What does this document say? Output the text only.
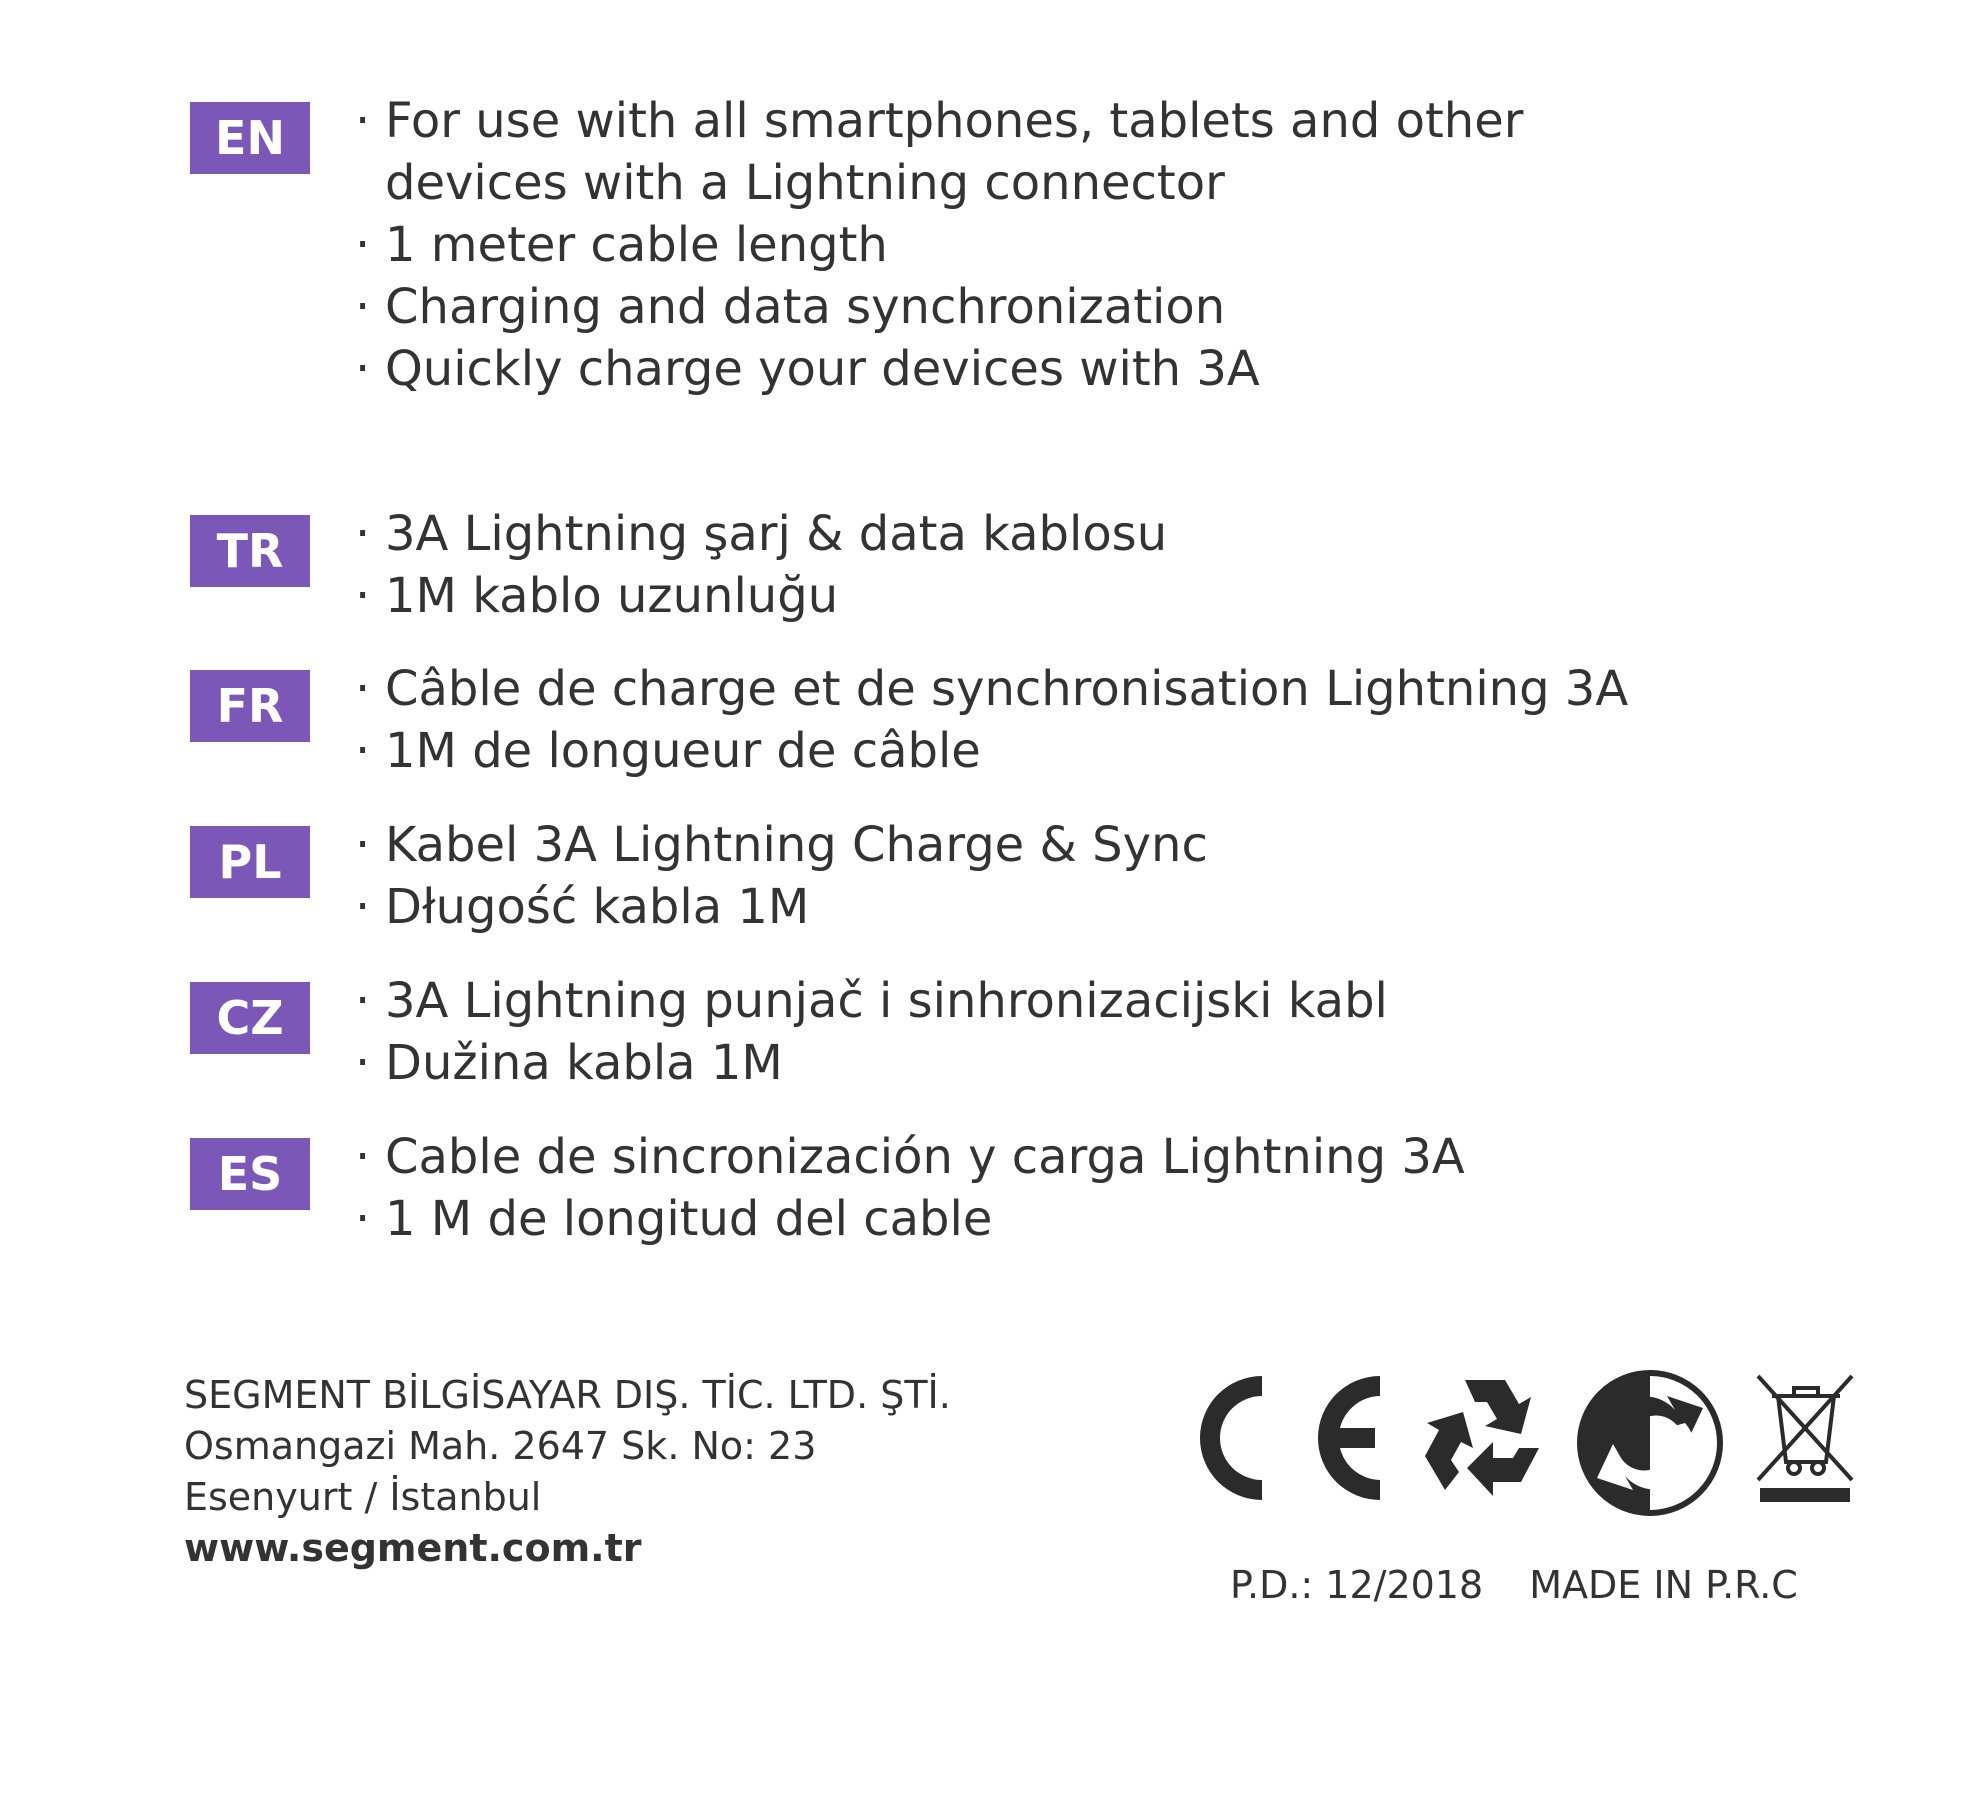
EN	· For use with all smartphones, tablets and other
devices with a Lightning connector
· 1 meter cable length
· Charging and data synchronization
· Quickly charge your devices with 3A
TR	· 3A Lightning şarj & data kablosu
· 1M kablo uzunluğu
FR	· Câble de charge et de synchronisation Lightning 3A
· 1M de longueur de câble
PL	· Kabel 3A Lightning Charge & Sync
· Długość kabla 1M
CZ	· 3A Lightning punjač i sinhronizacijski kabl
· Dužina kabla 1M
ES	· Cable de sincronización y carga Lightning 3A
· 1 M de longitud del cable
SEGMENT BİLGİSAYAR DIŞ. TİC. LTD. ŞTİ.
Osmangazi Mah. 2647 Sk. No: 23
Esenyurt / İstanbul
www.segment.com.tr
P.D.: 12/2018 MADE IN P.R.C
